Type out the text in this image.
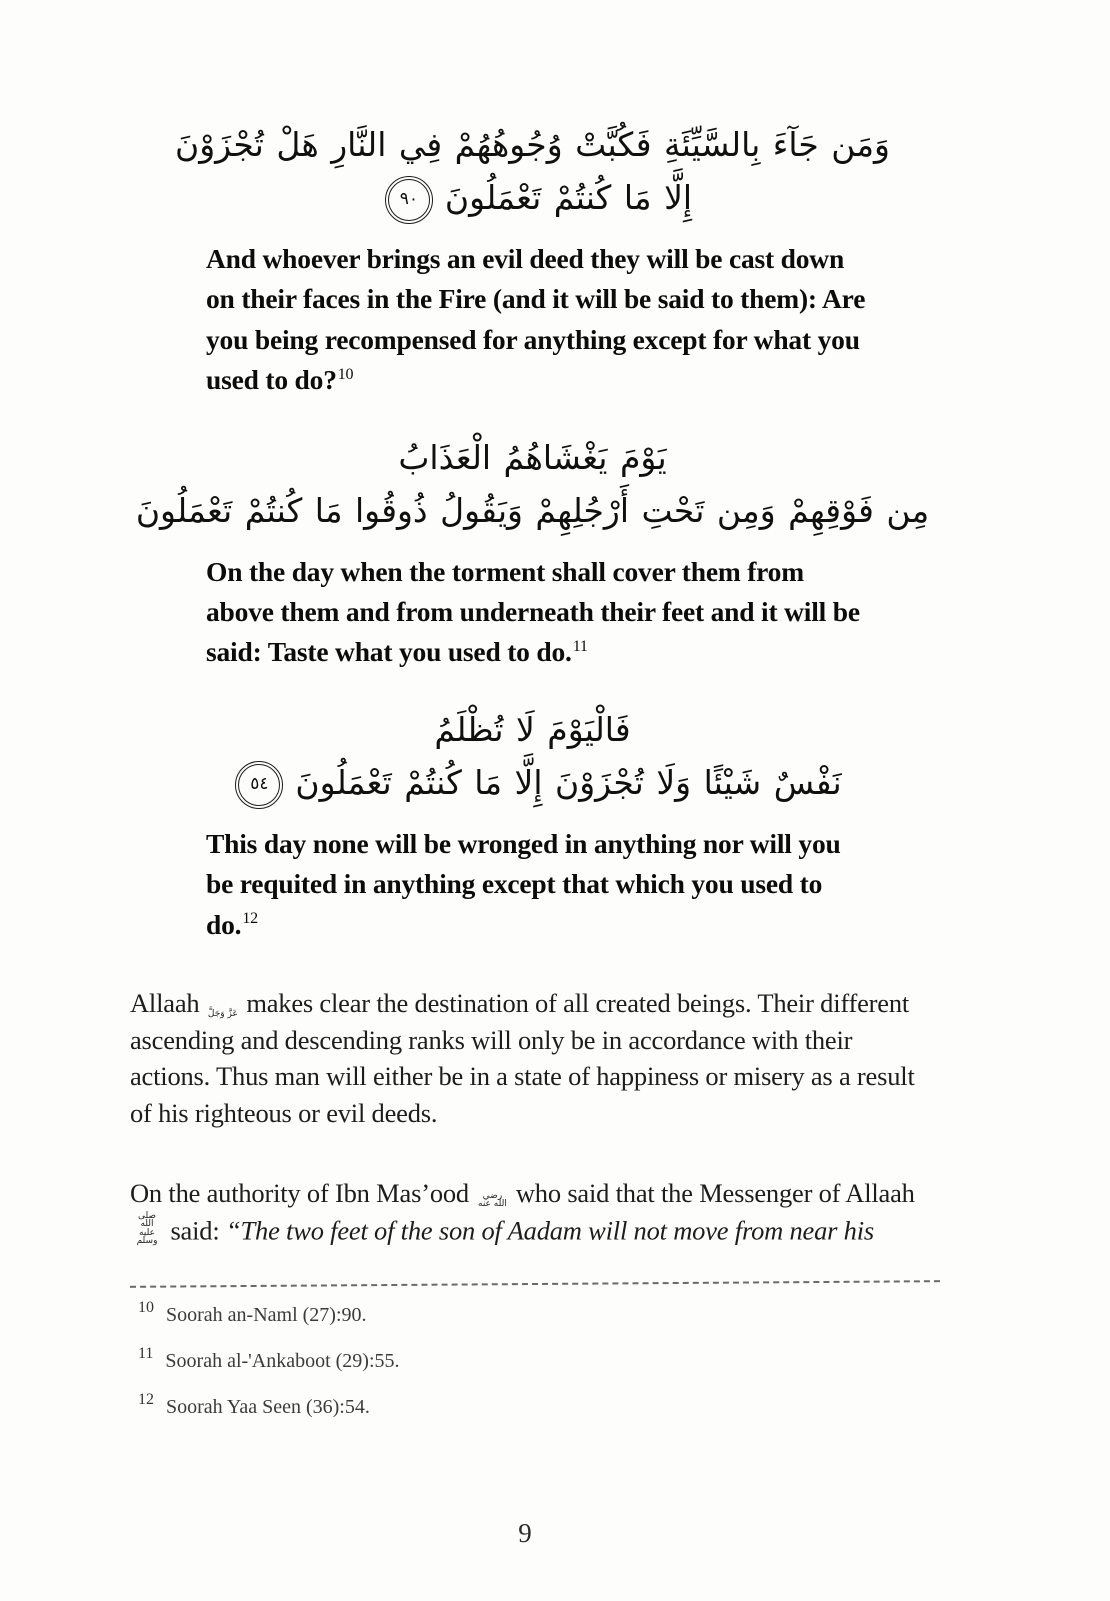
وَمَن جَآءَ بِالسَّيِّئَةِ فَكُبَّتْ وُجُوهُهُمْ فِي النَّارِ هَلْ تُجْزَوْنَ
إِلَّا مَا كُنتُمْ تَعْمَلُونَ٩٠
And whoever brings an evil deed they will be cast down on their faces in the Fire (and it will be said to them): Are you being recompensed for anything except for what you used to do?$^{10}$
يَوْمَ يَغْشَاهُمُ الْعَذَابُ
مِن فَوْقِهِمْ وَمِن تَحْتِ أَرْجُلِهِمْ وَيَقُولُ ذُوقُوا مَا كُنتُمْ تَعْمَلُونَ
On the day when the torment shall cover them from above them and from underneath their feet and it will be said: Taste what you used to do.$^{11}$
فَالْيَوْمَ لَا تُظْلَمُ
نَفْسٌ شَيْئًا وَلَا تُجْزَوْنَ إِلَّا مَا كُنتُمْ تَعْمَلُونَ٥٤
This day none will be wronged in anything nor will you be requited in anything except that which you used to do.$^{12}$

Allaah عَزَّ وَجَلَّ makes clear the destination of all created beings. Their different ascending and descending ranks will only be in accordance with their actions. Thus man will either be in a state of happiness or misery as a result of his righteous or evil deeds.

On the authority of Ibn Mas’ood رضي الله عنه who said that the Messenger of Allaah صلى الله عليه وسلم said: “The two feet of the son of Aadam will not move from near his

10 Soorah an-Naml (27):90.
11 Soorah al-'Ankaboot (29):55.
12 Soorah Yaa Seen (36):54.
9
